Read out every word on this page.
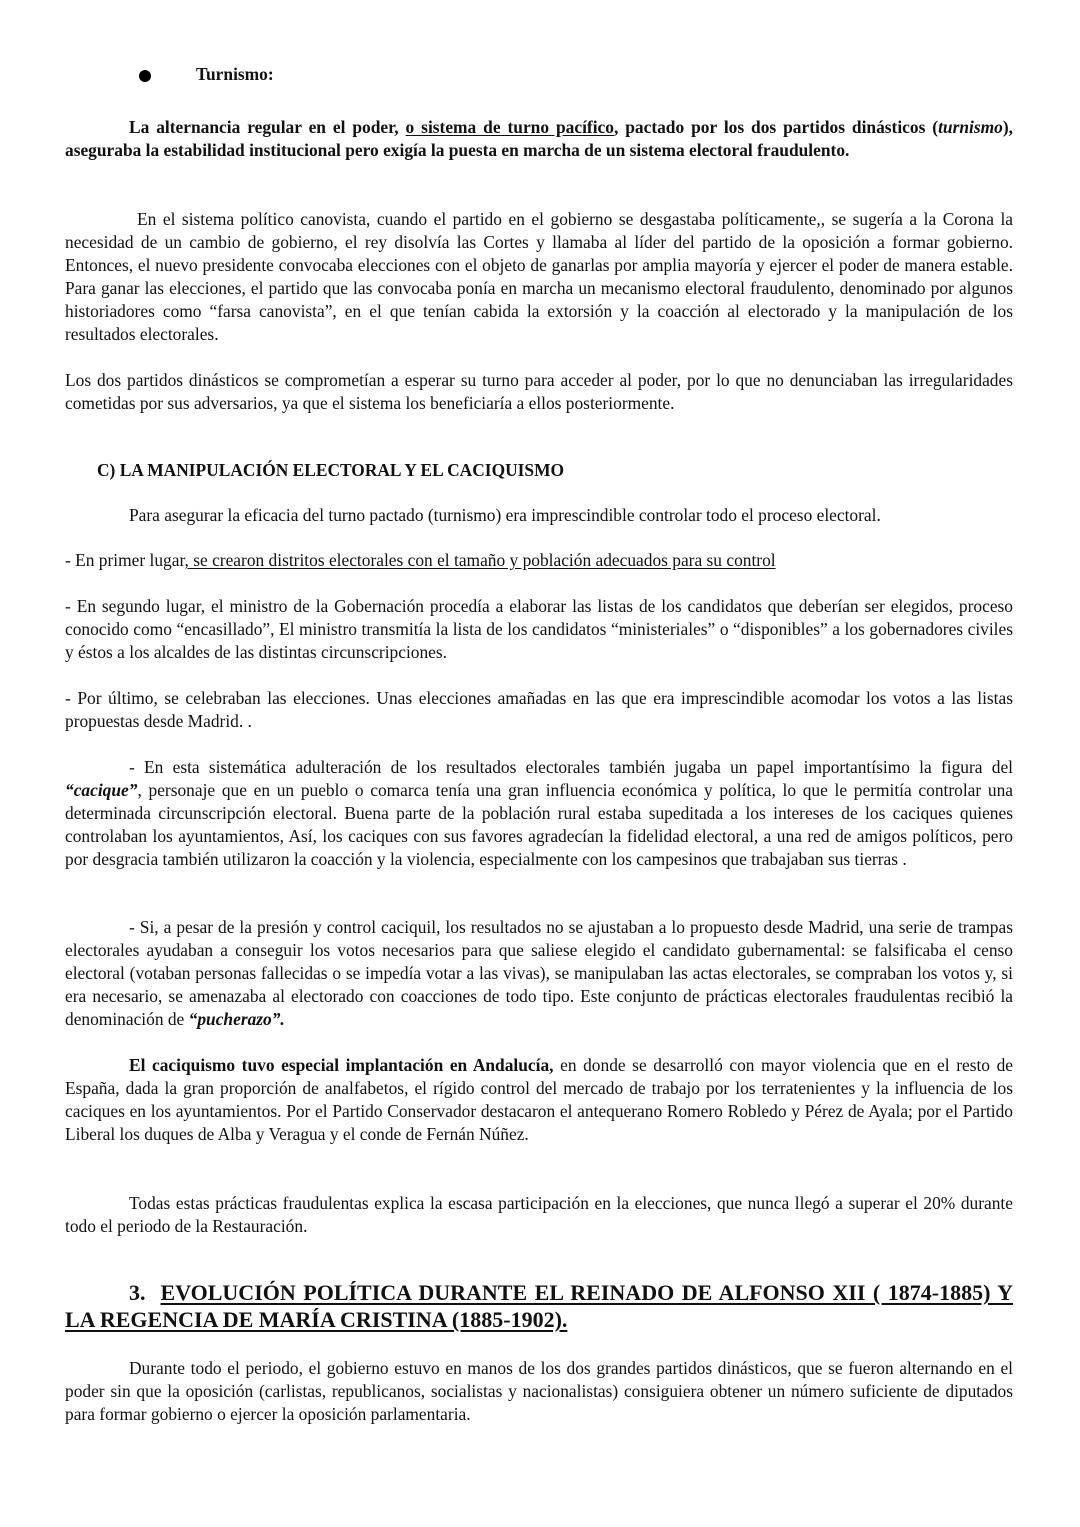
Turnismo:

La alternancia regular en el poder, o sistema de turno pacífico, pactado por los dos partidos dinásticos (turnismo), aseguraba la estabilidad institucional pero exigía la puesta en marcha de un sistema electoral fraudulento.

En el sistema político canovista, cuando el partido en el gobierno se desgastaba políticamente,, se sugería a la Corona la necesidad de un cambio de gobierno, el rey disolvía las Cortes y llamaba al líder del partido de la oposición a formar gobierno. Entonces, el nuevo presidente convocaba elecciones con el objeto de ganarlas por amplia mayoría y ejercer el poder de manera estable. Para ganar las elecciones, el partido que las convocaba ponía en marcha un mecanismo electoral fraudulento, denominado por algunos historiadores como “farsa canovista”, en el que tenían cabida la extorsión y la coacción al electorado y la manipulación de los resultados electorales.

Los dos partidos dinásticos se comprometían a esperar su turno para acceder al poder, por lo que no denunciaban las irregularidades cometidas por sus adversarios, ya que el sistema los beneficiaría a ellos posteriormente.

C) LA MANIPULACIÓN ELECTORAL Y EL CACIQUISMO

Para asegurar la eficacia del turno pactado (turnismo) era imprescindible controlar todo el proceso electoral.

- En primer lugar, se crearon distritos electorales con el tamaño y población adecuados para su control

- En segundo lugar, el ministro de la Gobernación procedía a elaborar las listas de los candidatos que deberían ser elegidos, proceso conocido como “encasillado”, El ministro transmitía la lista de los candidatos “ministeriales” o “disponibles” a los gobernadores civiles y éstos a los alcaldes de las distintas circunscripciones.

- Por último, se celebraban las elecciones. Unas elecciones amañadas en las que era imprescindible acomodar los votos a las listas propuestas desde Madrid. .

- En esta sistemática adulteración de los resultados electorales también jugaba un papel importantísimo la figura del “cacique”, personaje que en un pueblo o comarca tenía una gran influencia económica y política, lo que le permitía controlar una determinada circunscripción electoral. Buena parte de la población rural estaba supeditada a los intereses de los caciques quienes controlaban los ayuntamientos, Así, los caciques con sus favores agradecían la fidelidad electoral, a una red de amigos políticos, pero por desgracia también utilizaron la coacción y la violencia, especialmente con los campesinos que trabajaban sus tierras .

- Si, a pesar de la presión y control caciquil, los resultados no se ajustaban a lo propuesto desde Madrid, una serie de trampas electorales ayudaban a conseguir los votos necesarios para que saliese elegido el candidato gubernamental: se falsificaba el censo electoral (votaban personas fallecidas o se impedía votar a las vivas), se manipulaban las actas electorales, se compraban los votos y, si era necesario, se amenazaba al electorado con coacciones de todo tipo. Este conjunto de prácticas electorales fraudulentas recibió la denominación de “pucherazo”.

El caciquismo tuvo especial implantación en Andalucía, en donde se desarrolló con mayor violencia que en el resto de España, dada la gran proporción de analfabetos, el rígido control del mercado de trabajo por los terratenientes y la influencia de los caciques en los ayuntamientos. Por el Partido Conservador destacaron el antequerano Romero Robledo y Pérez de Ayala; por el Partido Liberal los duques de Alba y Veragua y el conde de Fernán Núñez.

Todas estas prácticas fraudulentas explica la escasa participación en la elecciones, que nunca llegó a superar el 20% durante todo el periodo de la Restauración.

3. EVOLUCIÓN POLÍTICA DURANTE EL REINADO DE ALFONSO XII ( 1874-1885) Y LA REGENCIA DE MARÍA CRISTINA (1885-1902).

Durante todo el periodo, el gobierno estuvo en manos de los dos grandes partidos dinásticos, que se fueron alternando en el poder sin que la oposición (carlistas, republicanos, socialistas y nacionalistas) consiguiera obtener un número suficiente de diputados para formar gobierno o ejercer la oposición parlamentaria.
